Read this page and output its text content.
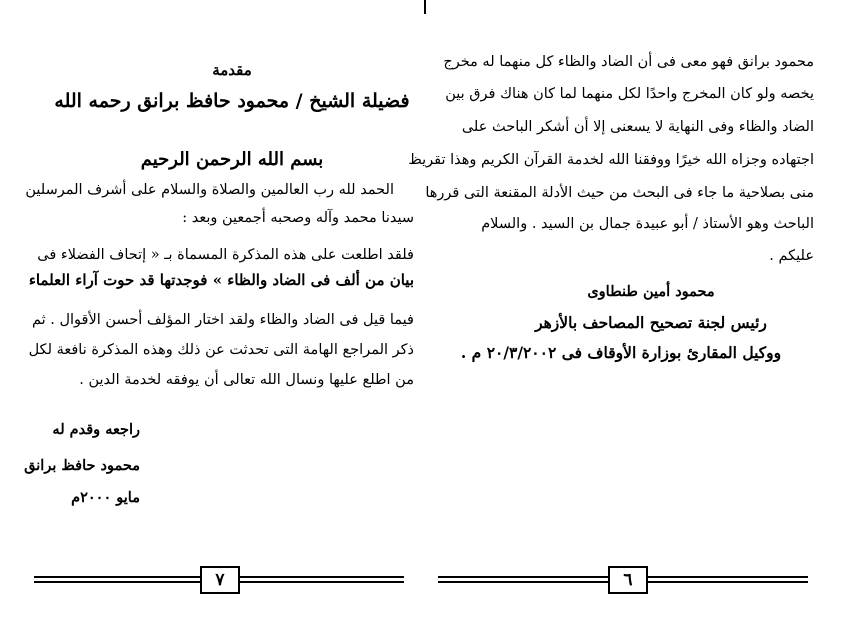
مقدمة
فضيلة الشيخ / محمود حافظ برانق رحمه الله
بسم الله الرحمن الرحيم
الحمد لله رب العالمين والصلاة والسلام على أشرف المرسلين
سيدنا محمد وآله وصحبه أجمعين وبعد :
فلقد اطلعت على هذه المذكرة المسماة بـ « إتحاف الفضلاء فى
بيان من ألف فى الضاد والظاء » فوجدتها قد حوت آراء العلماء
فيما قيل فى الضاد والظاء ولقد اختار المؤلف أحسن الأقوال . ثم
ذكر المراجع الهامة التى تحدثت عن ذلك وهذه المذكرة نافعة لكل
من اطلع عليها ونسال الله تعالى أن يوفقه لخدمة الدين .
راجعه وقدم له
محمود حافظ برانق
مايو ٢٠٠٠م
٧
محمود برانق فهو معى فى أن الضاد والظاء كل منهما له مخرج
يخصه ولو كان المخرج واحدًا لكل منهما لما كان هناك فرق بين
الضاد والظاء وفى النهاية لا يسعنى إلا أن أشكر الباحث على
اجتهاده وجزاه الله خيرًا ووفقنا الله لخدمة القرآن الكريم وهذا تقريظ
منى بصلاحية ما جاء فى البحث من حيث الأدلة المقنعة التى قررها
الباحث وهو الأستاذ / أبو عبيدة جمال بن السيد . والسلام
عليكم .
محمود أمين طنطاوى
رئيس لجنة تصحيح المصاحف بالأزهر
ووكيل المقارئ بوزارة الأوقاف فى ٢٠/٣/٢٠٠٢ م .
٦
